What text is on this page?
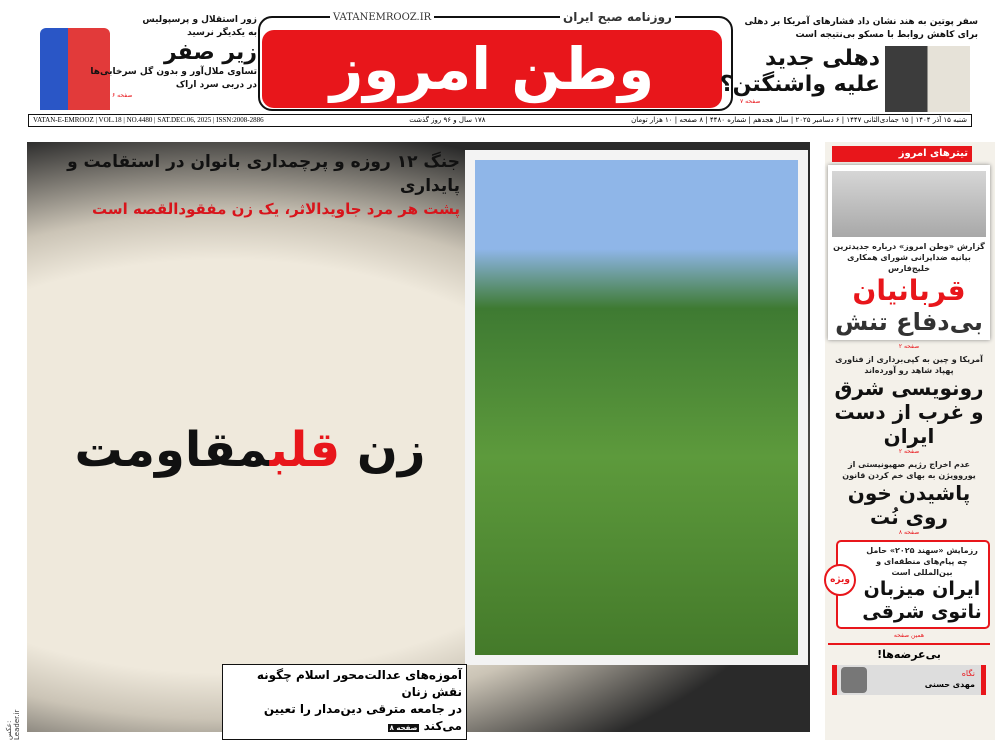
زور استقلال و پرسپولیس
به یکدیگر نرسید
زیر صفر
تساوی ملال‌آور و بدون گل سرخابی‌ها
در دربی سرد اراک
صفحه ۶	وطن امروز
VATANEMROOZ.IR	روزنامه صبح ایران	سفر پوتین به هند نشان داد فشارهای آمریکا بر دهلی
برای کاهش روابط با مسکو بی‌نتیجه است
دهلی جدید
علیه واشنگتن؟
صفحه ۷
VATAN-E-EMROOZ | VOL.18 | NO.4480 | SAT.DEC.06, 2025 | ISSN:2008-2886	۱۷۸ سال و ۹۶ روز گذشت	شنبه ۱۵ آذر ۱۴۰۴ | ۱۵ جمادی‌الثانی ۱۴۴۷ | ۶ دسامبر ۲۰۲۵ | سال هجدهم | شماره ۴۴۸۰ | ۸ صفحه | ۱۰ هزار تومان
جنگ ۱۲ روزه و پرچمداری بانوان در استقامت و پایداری
پشت هر مرد جاویدالاثر، یک زن مفقودالقصه است
زن قلبمقاومت
آموزه‌های عدالت‌محور اسلام چگونه نقش زنان
در جامعه مترقی دین‌مدار را تعیین می‌کند صفحه ۸
عکس: Leader.ir
تیترهای امروز
گزارش «وطن امروز» درباره جدیدترین بیانیه ضدایرانی شورای همکاری خلیج‌فارس
قربانیان
بی‌دفاع تنش
صفحه ۲
آمریکا و چین به کپی‌برداری از فناوری پهپاد شاهد رو آورده‌اند
رونویسی شرق و غرب از دست ایران
صفحه ۲
عدم اخراج رژیم صهیونیستی از یوروویژن به بهای خم کردن قانون
پاشیدن خون روی نُت
صفحه ۸
ویژه
رزمایش «سهند ۲۰۲۵» حامل چه پیام‌های منطقه‌ای و بین‌المللی است
ایران میزبان ناتوی شرقی
همین صفحه
بی‌عرضه‌ها!
نگاه
مهدی حسنی
